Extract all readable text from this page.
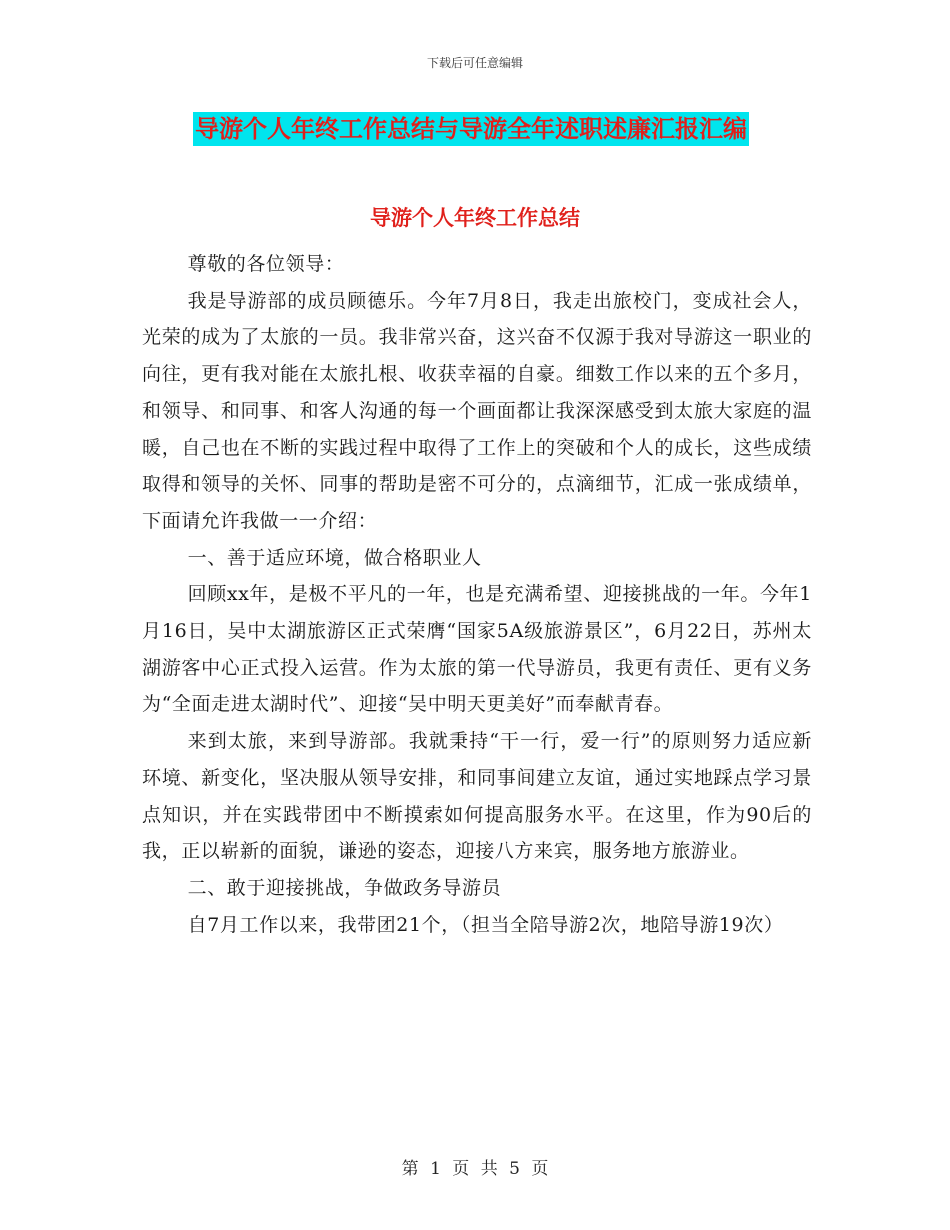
下载后可任意编辑
导游个人年终工作总结与导游全年述职述廉汇报汇编
导游个人年终工作总结

尊敬的各位领导：

我是导游部的成员顾德乐。今年7月8日，我走出旅校门，变成社会人，光荣的成为了太旅的一员。我非常兴奋，这兴奋不仅源于我对导游这一职业的向往，更有我对能在太旅扎根、收获幸福的自豪。细数工作以来的五个多月，和领导、和同事、和客人沟通的每一个画面都让我深深感受到太旅大家庭的温暖，自己也在不断的实践过程中取得了工作上的突破和个人的成长，这些成绩取得和领导的关怀、同事的帮助是密不可分的，点滴细节，汇成一张成绩单，下面请允许我做一一介绍：

一、善于适应环境，做合格职业人

回顾xx年，是极不平凡的一年，也是充满希望、迎接挑战的一年。今年1月16日，吴中太湖旅游区正式荣膺“国家5A级旅游景区”，6月22日，苏州太湖游客中心正式投入运营。作为太旅的第一代导游员，我更有责任、更有义务为“全面走进太湖时代”、迎接“吴中明天更美好”而奉献青春。

来到太旅，来到导游部。我就秉持“干一行，爱一行”的原则努力适应新环境、新变化，坚决服从领导安排，和同事间建立友谊，通过实地踩点学习景点知识，并在实践带团中不断摸索如何提高服务水平。在这里，作为90后的我，正以崭新的面貌，谦逊的姿态，迎接八方来宾，服务地方旅游业。

二、敢于迎接挑战，争做政务导游员

自7月工作以来，我带团21个，（担当全陪导游2次，地陪导游19次）

第 1 页 共 5 页
